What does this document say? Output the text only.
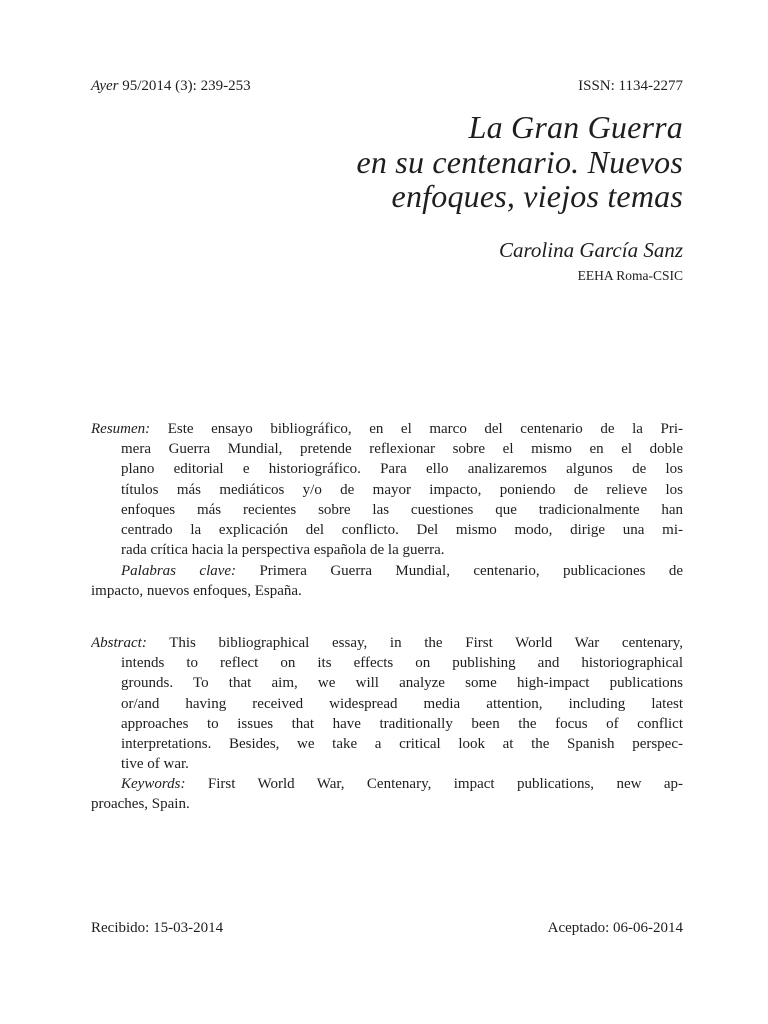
Ayer 95/2014 (3): 239-253	ISSN: 1134-2277
La Gran Guerra
en su centenario. Nuevos
enfoques, viejos temas
Carolina García Sanz
EEHA Roma-CSIC
Resumen: Este ensayo bibliográfico, en el marco del centenario de la Pri-
mera Guerra Mundial, pretende reflexionar sobre el mismo en el doble
plano editorial e historiográfico. Para ello analizaremos algunos de los
títulos más mediáticos y/o de mayor impacto, poniendo de relieve los
enfoques más recientes sobre las cuestiones que tradicionalmente han
centrado la explicación del conflicto. Del mismo modo, dirige una mi-
rada crítica hacia la perspectiva española de la guerra.
Palabras clave: Primera Guerra Mundial, centenario, publicaciones de
impacto, nuevos enfoques, España.
Abstract: This bibliographical essay, in the First World War centenary,
intends to reflect on its effects on publishing and historiographical
grounds. To that aim, we will analyze some high-impact publications
or/and having received widespread media attention, including latest
approaches to issues that have traditionally been the focus of conflict
interpretations. Besides, we take a critical look at the Spanish perspec-
tive of war.
Keywords: First World War, Centenary, impact publications, new ap-
proaches, Spain.
Recibido: 15-03-2014	Aceptado: 06-06-2014
